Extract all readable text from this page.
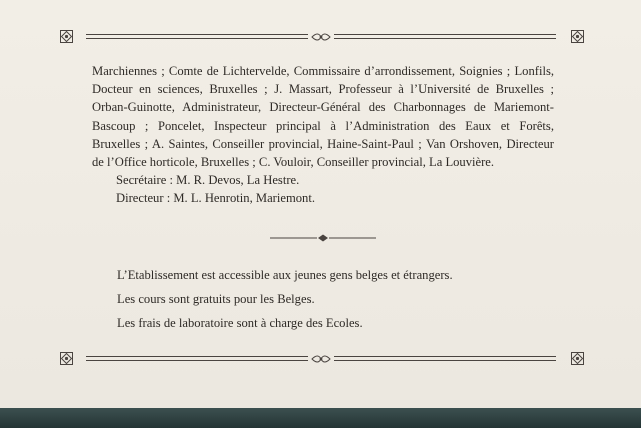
Marchiennes ; Comte de Lichtervelde, Commissaire d’arrondissement, Soignies ; Lonfils,
Docteur en sciences, Bruxelles ; J. Massart, Professeur à l’Université de Bruxelles ;
Orban-Guinotte, Administrateur, Directeur-Général des Charbonnages de Mariemont-
Bascoup ; Poncelet, Inspecteur principal à l’Administration des Eaux et Forêts,
Bruxelles ; A. Saintes, Conseiller provincial, Haine-Saint-Paul ; Van Orshoven, Directeur
de l’Office horticole, Bruxelles ; C. Vouloir, Conseiller provincial, La Louvière.
Secrétaire : M. R. Devos, La Hestre.
Directeur : M. L. Henrotin, Mariemont.
L’Etablissement est accessible aux jeunes gens belges et étrangers.
Les cours sont gratuits pour les Belges.
Les frais de laboratoire sont à charge des Ecoles.
